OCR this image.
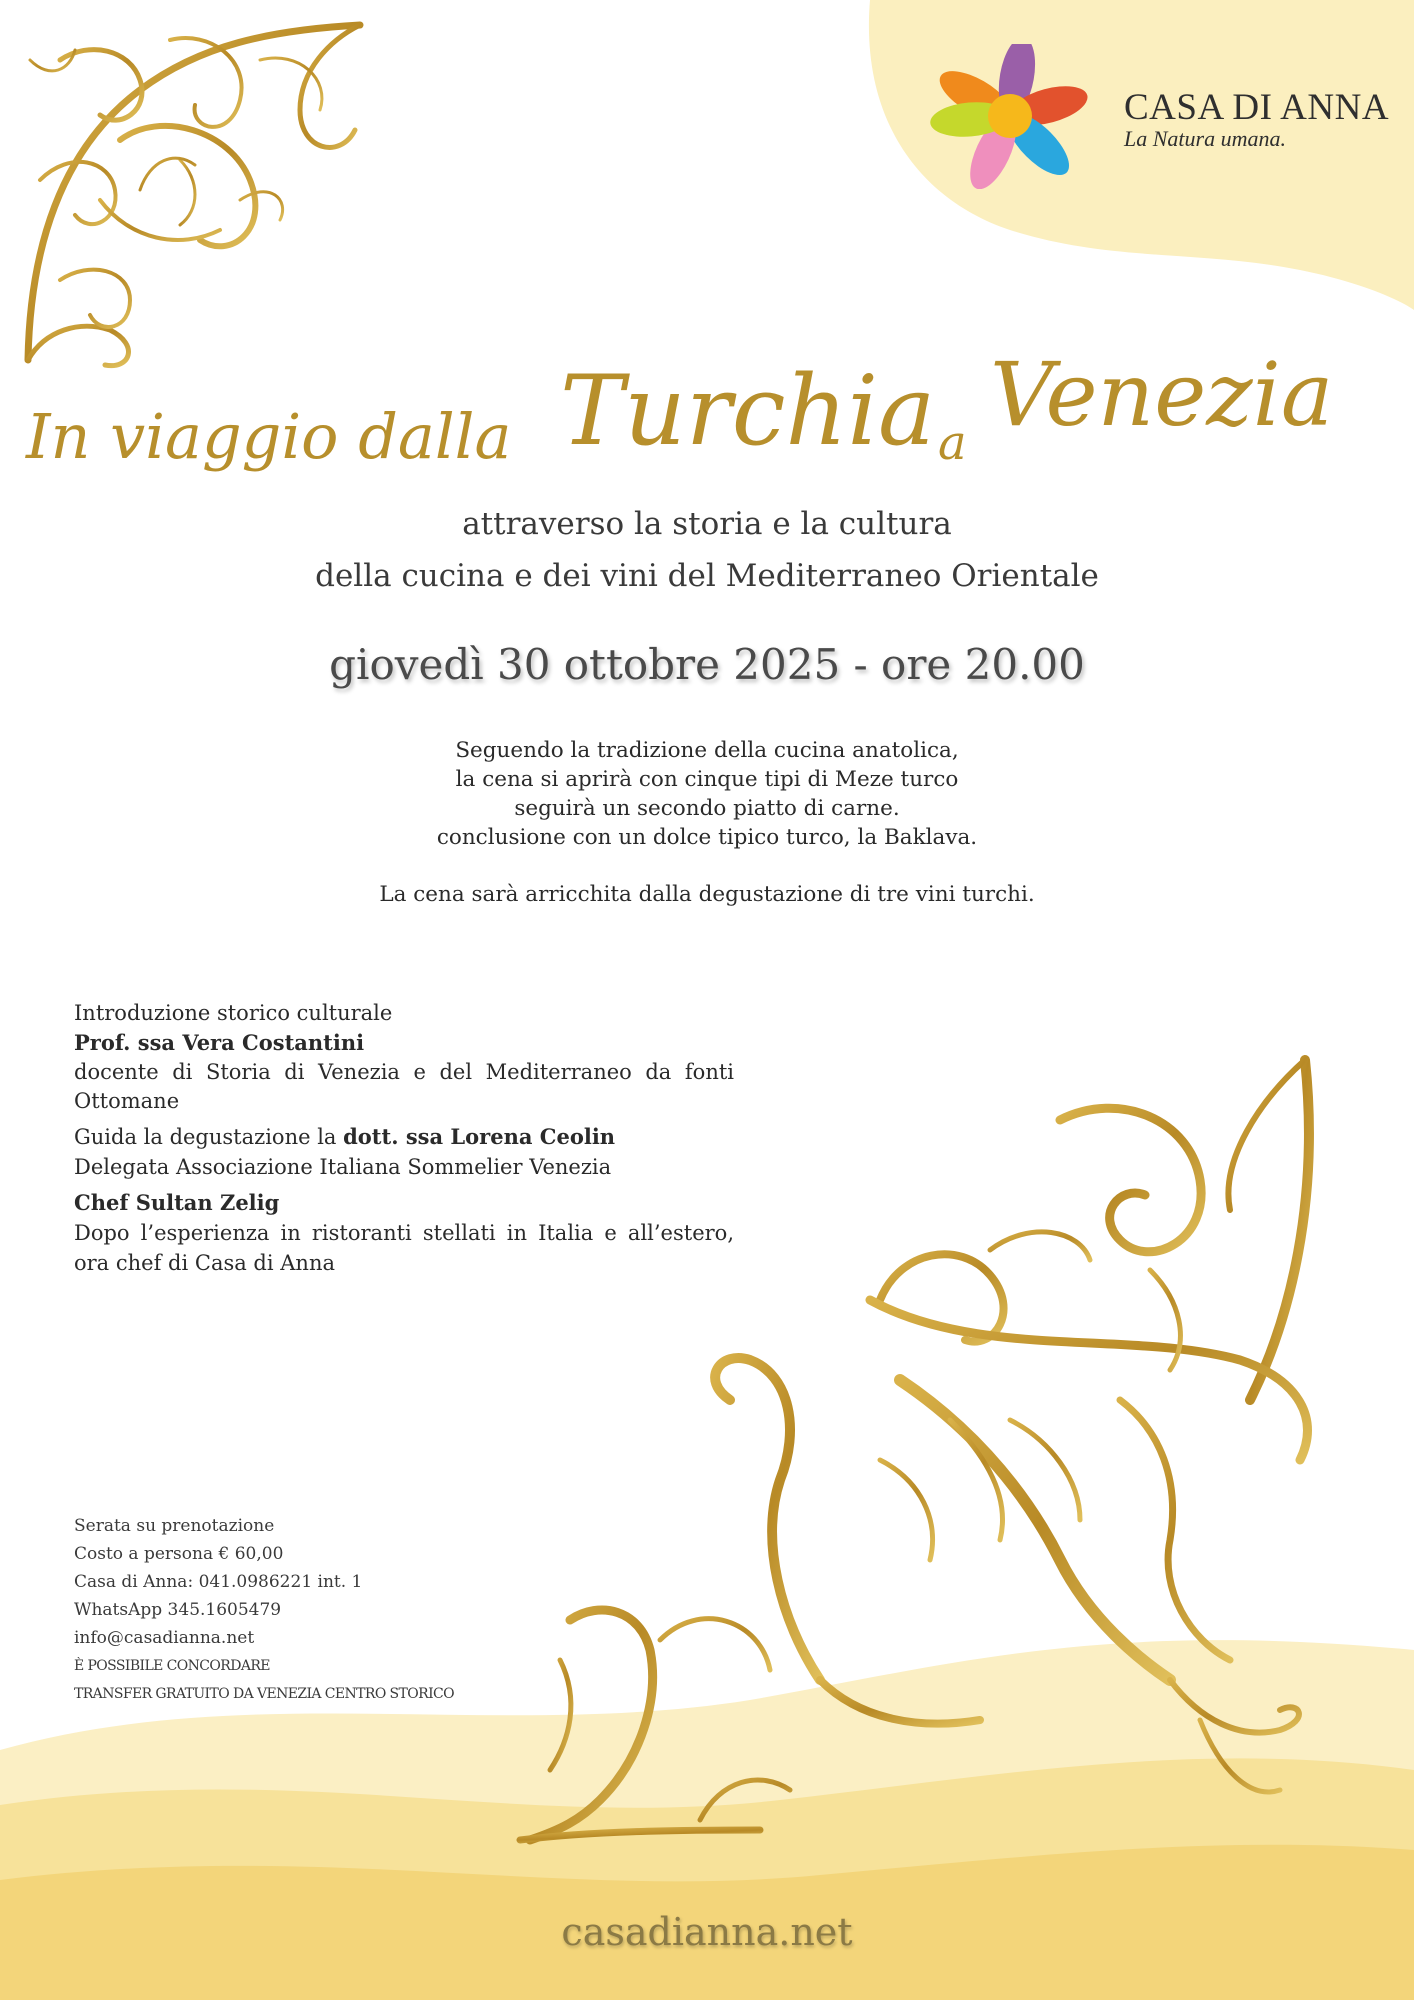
CASA DI ANNA
La Natura umana.
In viaggio dalla Turchia a Venezia
attraverso la storia e la cultura
della cucina e dei vini del Mediterraneo Orientale
giovedì 30 ottobre 2025 - ore 20.00
Seguendo la tradizione della cucina anatolica,
la cena si aprirà con cinque tipi di Meze turco
seguirà un secondo piatto di carne.
conclusione con un dolce tipico turco, la Baklava.
La cena sarà arricchita dalla degustazione di tre vini turchi.
Introduzione storico culturale
Prof. ssa Vera Costantini
docente di Storia di Venezia e del Mediterraneo da fonti Ottomane
Guida la degustazione la dott. ssa Lorena Ceolin
Delegata Associazione Italiana Sommelier Venezia
Chef Sultan Zelig
Dopo l’esperienza in ristoranti stellati in Italia e all’estero, ora chef di Casa di Anna
Serata su prenotazione
Costo a persona € 60,00
Casa di Anna: 041.0986221 int. 1
WhatsApp 345.1605479
info@casadianna.net
È POSSIBILE CONCORDARE
TRANSFER GRATUITO DA VENEZIA CENTRO STORICO
casadianna.net
